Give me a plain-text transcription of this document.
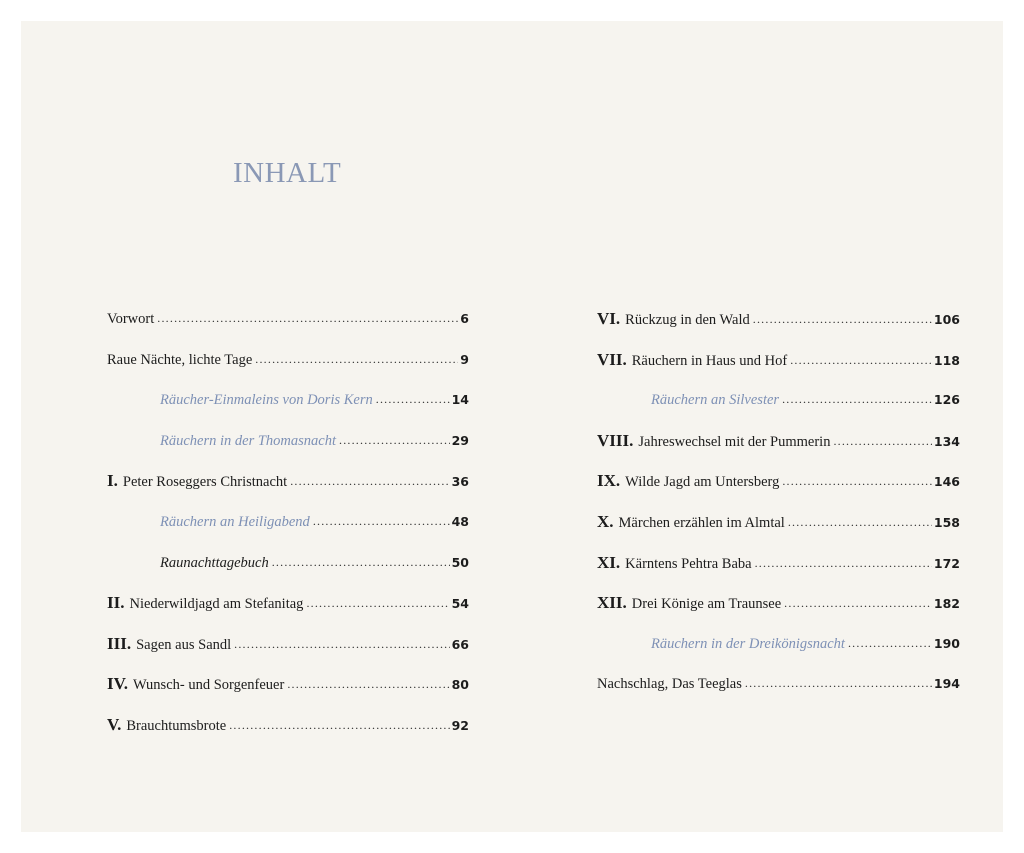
INHALT
Vorwort .....	6
Raue Nächte, lichte Tage .....	9
Räucher-Einmaleins von Doris Kern .....	14
Räuchern in der Thomasnacht .....	29
I. Peter Roseggers Christnacht .....	36
Räuchern an Heiligabend .....	48
Raunachttagebuch .....	50
II. Niederwildjagd am Stefanitag .....	54
III. Sagen aus Sandl .....	66
IV. Wunsch- und Sorgenfeuer .....	80
V. Brauchtumsbrote .....	92
VI. Rückzug in den Wald .....	106
VII. Räuchern in Haus und Hof .....	118
Räuchern an Silvester .....	126
VIII. Jahreswechsel mit der Pummerin .....	134
IX. Wilde Jagd am Untersberg .....	146
X. Märchen erzählen im Almtal .....	158
XI. Kärntens Pehtra Baba .....	172
XII. Drei Könige am Traunsee .....	182
Räuchern in der Dreikönigsnacht .....	190
Nachschlag, Das Teeglas .....	194
